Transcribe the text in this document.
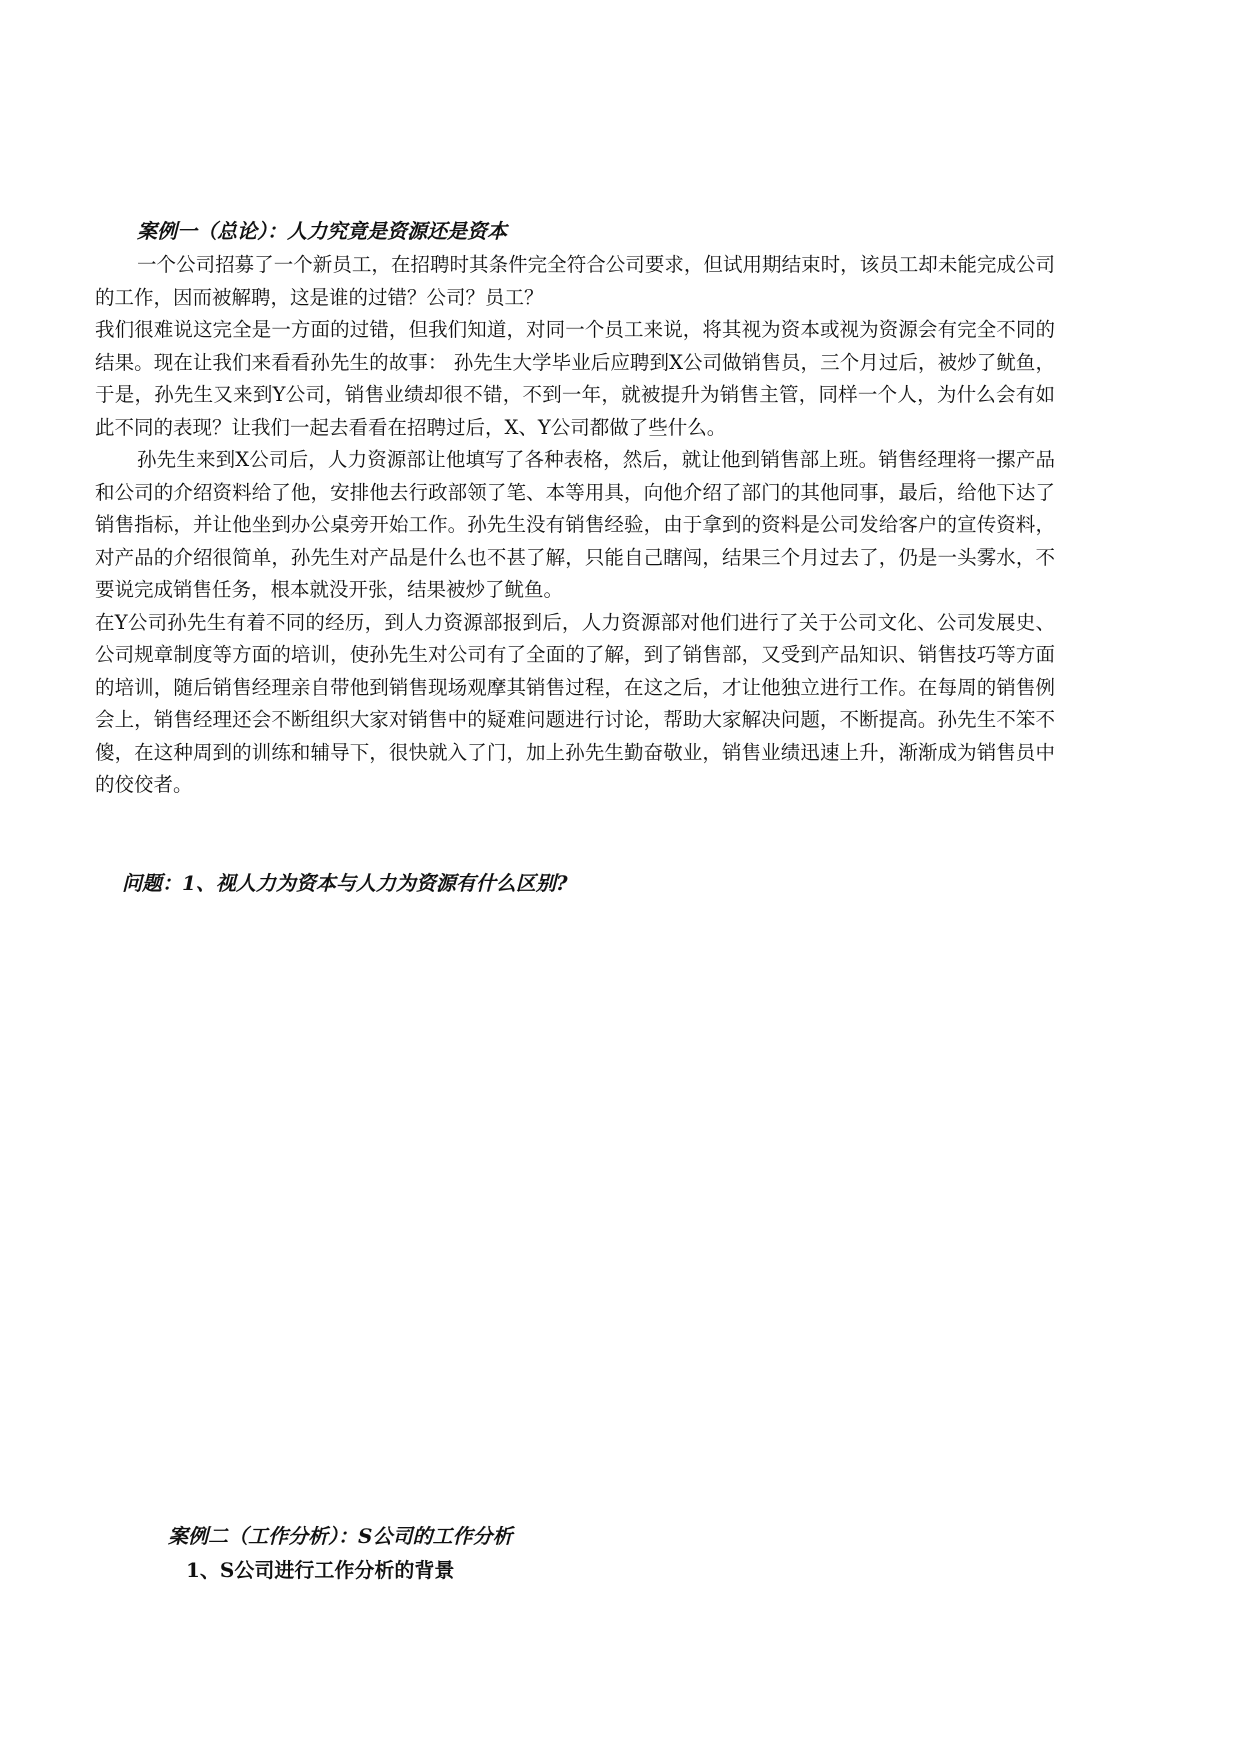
案例一（总论）：人力究竟是资源还是资本

一个公司招募了一个新员工，在招聘时其条件完全符合公司要求，但试用期结束时，该员工却未能完成公司的工作，因而被解聘，这是谁的过错？公司？员工？

我们很难说这完全是一方面的过错，但我们知道，对同一个员工来说，将其视为资本或视为资源会有完全不同的结果。现在让我们来看看孙先生的故事： 孙先生大学毕业后应聘到X公司做销售员，三个月过后，被炒了鱿鱼，于是，孙先生又来到Y公司，销售业绩却很不错，不到一年，就被提升为销售主管，同样一个人，为什么会有如此不同的表现？让我们一起去看看在招聘过后，X、Y公司都做了些什么。

孙先生来到X公司后，人力资源部让他填写了各种表格，然后，就让他到销售部上班。销售经理将一摞产品和公司的介绍资料给了他，安排他去行政部领了笔、本等用具，向他介绍了部门的其他同事，最后，给他下达了销售指标，并让他坐到办公桌旁开始工作。孙先生没有销售经验，由于拿到的资料是公司发给客户的宣传资料，对产品的介绍很简单，孙先生对产品是什么也不甚了解，只能自己瞎闯，结果三个月过去了，仍是一头雾水，不要说完成销售任务，根本就没开张，结果被炒了鱿鱼。

在Y公司孙先生有着不同的经历，到人力资源部报到后，人力资源部对他们进行了关于公司文化、公司发展史、公司规章制度等方面的培训，使孙先生对公司有了全面的了解，到了销售部，又受到产品知识、销售技巧等方面的培训，随后销售经理亲自带他到销售现场观摩其销售过程，在这之后，才让他独立进行工作。在每周的销售例会上，销售经理还会不断组织大家对销售中的疑难问题进行讨论，帮助大家解决问题，不断提高。孙先生不笨不傻，在这种周到的训练和辅导下，很快就入了门，加上孙先生勤奋敬业，销售业绩迅速上升，渐渐成为销售员中的佼佼者。

问题：1、视人力为资本与人力为资源有什么区别?
案例二（工作分析）：S公司的工作分析
1、S公司进行工作分析的背景
